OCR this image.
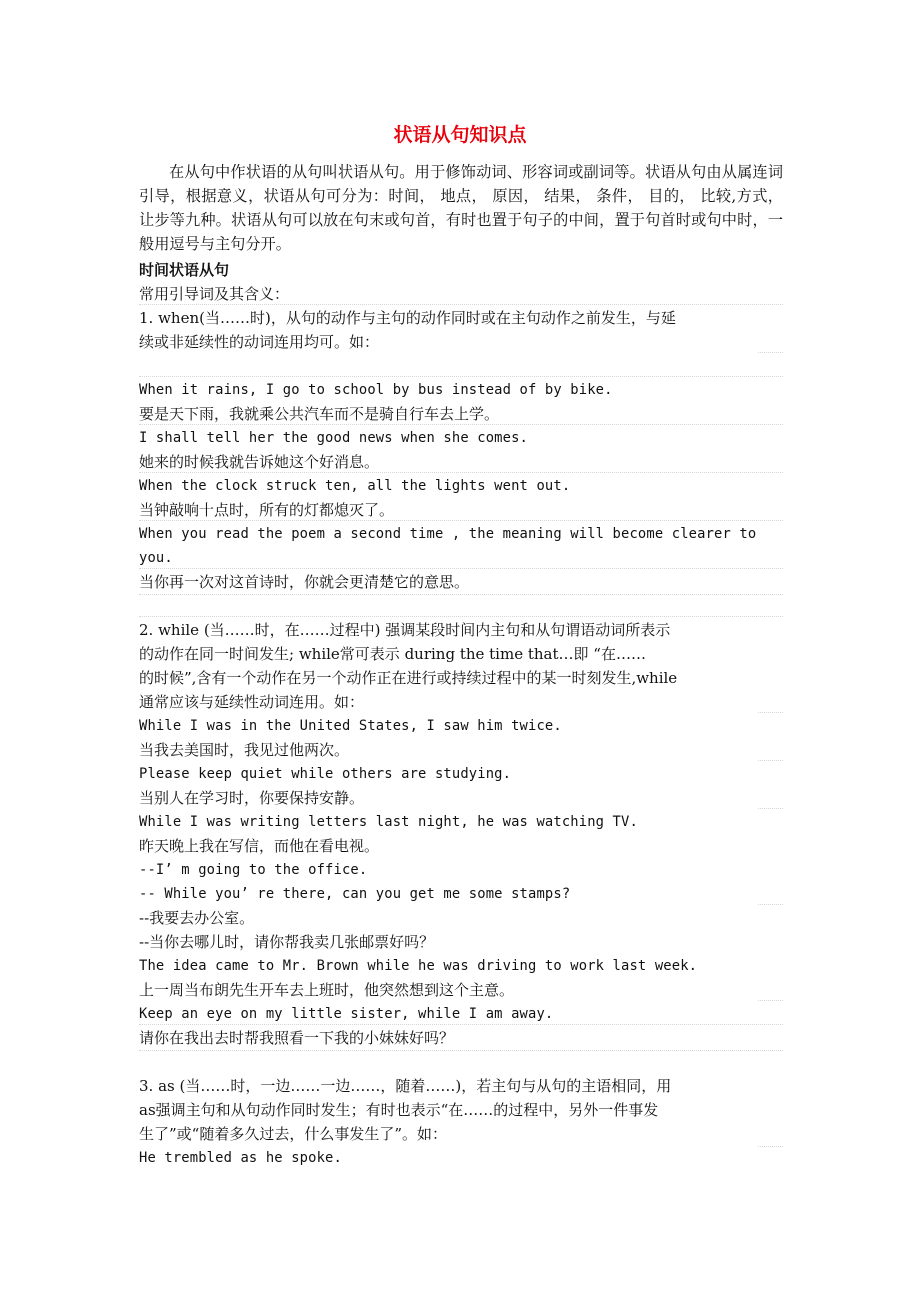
状语从句知识点
在从句中作状语的从句叫状语从句。用于修饰动词、形容词或副词等。状语从句由从属连词引导，根据意义，状语从句可分为：时间， 地点， 原因， 结果， 条件， 目的， 比较,方式， 让步等九种。状语从句可以放在句末或句首，有时也置于句子的中间，置于句首时或句中时，一般用逗号与主句分开。
时间状语从句
常用引导词及其含义：
1. when(当……时)，从句的动作与主句的动作同时或在主句动作之前发生，与延
续或非延续性的动词连用均可。如：
When it rains, I go to school by bus instead of by bike.
要是天下雨，我就乘公共汽车而不是骑自行车去上学。
I shall tell her the good news when she comes.
她来的时候我就告诉她这个好消息。
When the clock struck ten, all the lights went out.
当钟敲响十点时，所有的灯都熄灭了。
When you read the poem a second time , the meaning will become clearer to
you.
当你再一次对这首诗时，你就会更清楚它的意思。
2. while (当……时，在……过程中) 强调某段时间内主句和从句谓语动词所表示
的动作在同一时间发生; while常可表示 during the time that…即 “在……
的时候”,含有一个动作在另一个动作正在进行或持续过程中的某一时刻发生,while
通常应该与延续性动词连用。如：
While I was in the United States, I saw him twice.
当我去美国时，我见过他两次。
Please keep quiet while others are studying.
当别人在学习时，你要保持安静。
While I was writing letters last night, he was watching TV.
昨天晚上我在写信，而他在看电视。
--I’ m going to the office.
-- While you’ re there, can you get me some stamps?
--我要去办公室。
--当你去哪儿时，请你帮我卖几张邮票好吗？
The idea came to Mr. Brown while he was driving to work last week.
上一周当布朗先生开车去上班时，他突然想到这个主意。
Keep an eye on my little sister, while I am away.
请你在我出去时帮我照看一下我的小妹妹好吗？
3. as (当……时，一边……一边……，随着……)，若主句与从句的主语相同，用
as强调主句和从句动作同时发生；有时也表示“在……的过程中，另外一件事发
生了”或“随着多久过去，什么事发生了”。如：
He trembled as he spoke.
